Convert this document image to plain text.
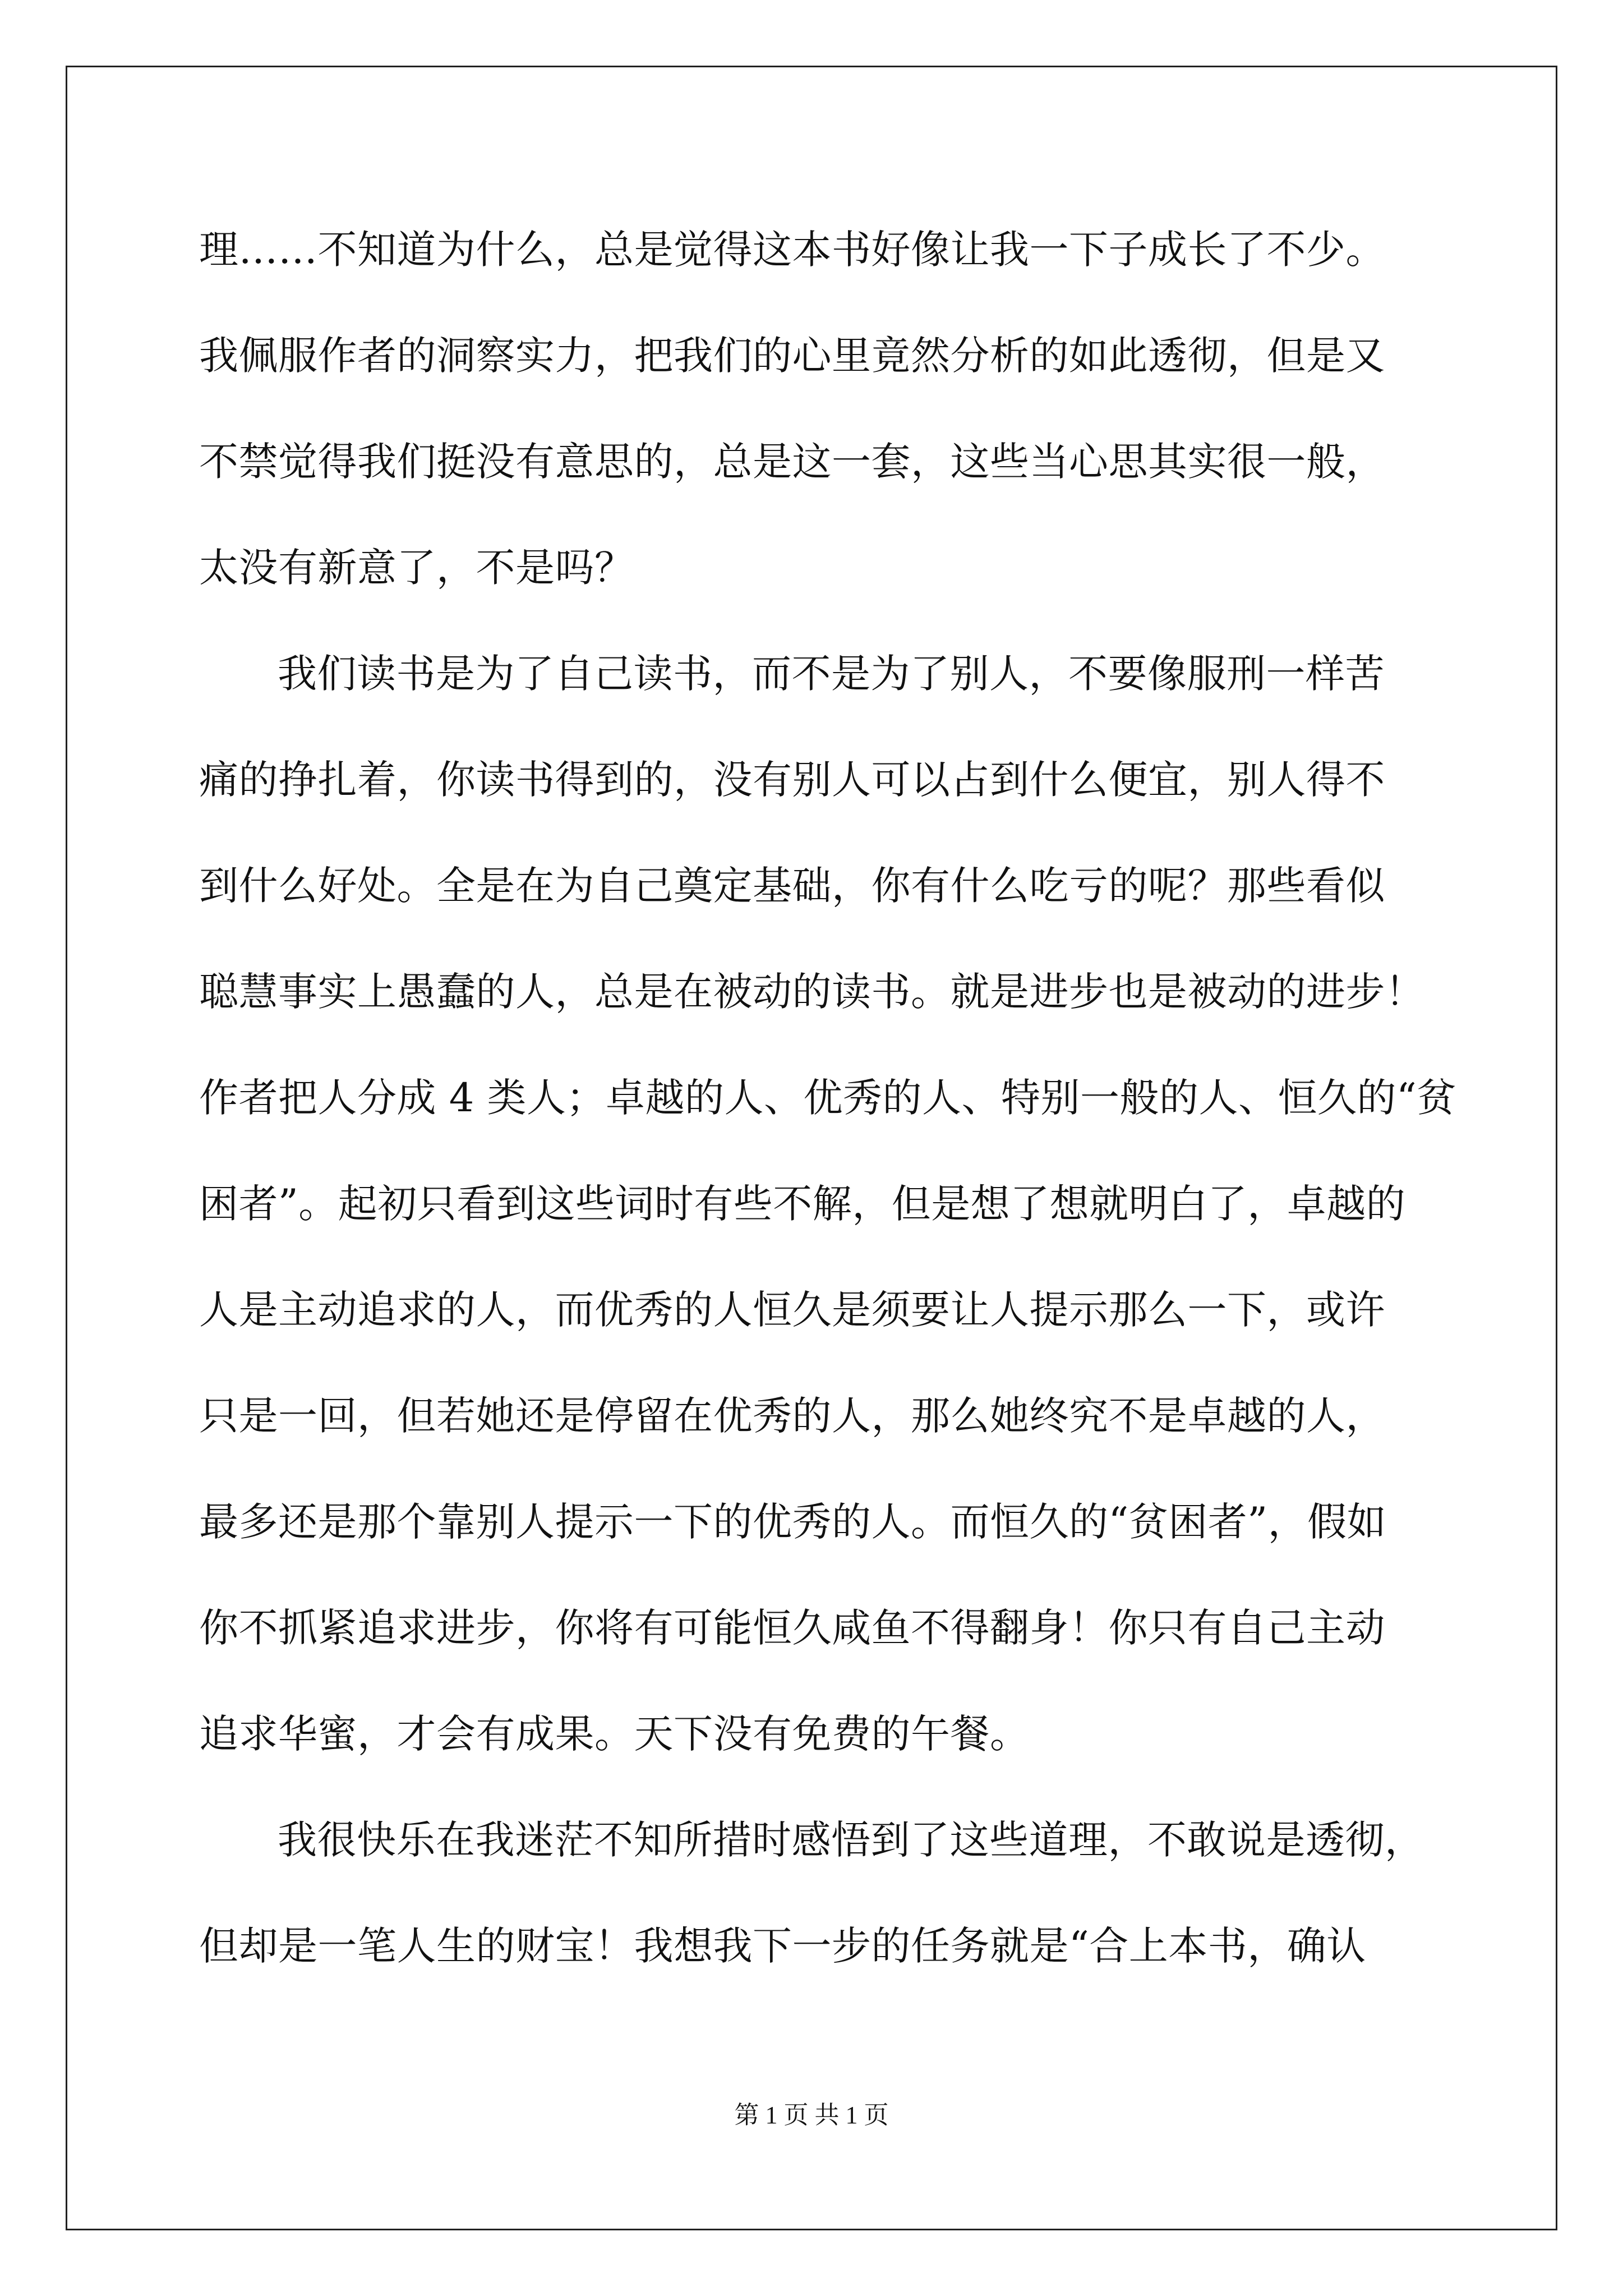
理……不知道为什么，总是觉得这本书好像让我一下子成长了不少。
我佩服作者的洞察实力，把我们的心里竟然分析的如此透彻，但是又
不禁觉得我们挺没有意思的，总是这一套，这些当心思其实很一般，
太没有新意了，不是吗？
我们读书是为了自己读书，而不是为了别人，不要像服刑一样苦
痛的挣扎着，你读书得到的，没有别人可以占到什么便宜，别人得不
到什么好处。全是在为自己奠定基础，你有什么吃亏的呢？那些看似
聪慧事实上愚蠢的人，总是在被动的读书。就是进步也是被动的进步！
作者把人分成 4 类人；卓越的人、优秀的人、特别一般的人、恒久的“贫
困者”。起初只看到这些词时有些不解，但是想了想就明白了，卓越的
人是主动追求的人，而优秀的人恒久是须要让人提示那么一下，或许
只是一回，但若她还是停留在优秀的人，那么她终究不是卓越的人，
最多还是那个靠别人提示一下的优秀的人。而恒久的“贫困者”，假如
你不抓紧追求进步，你将有可能恒久咸鱼不得翻身！你只有自己主动
追求华蜜，才会有成果。天下没有免费的午餐。
我很快乐在我迷茫不知所措时感悟到了这些道理，不敢说是透彻，
但却是一笔人生的财宝！我想我下一步的任务就是“合上本书，确认
第 1 页 共 1 页
